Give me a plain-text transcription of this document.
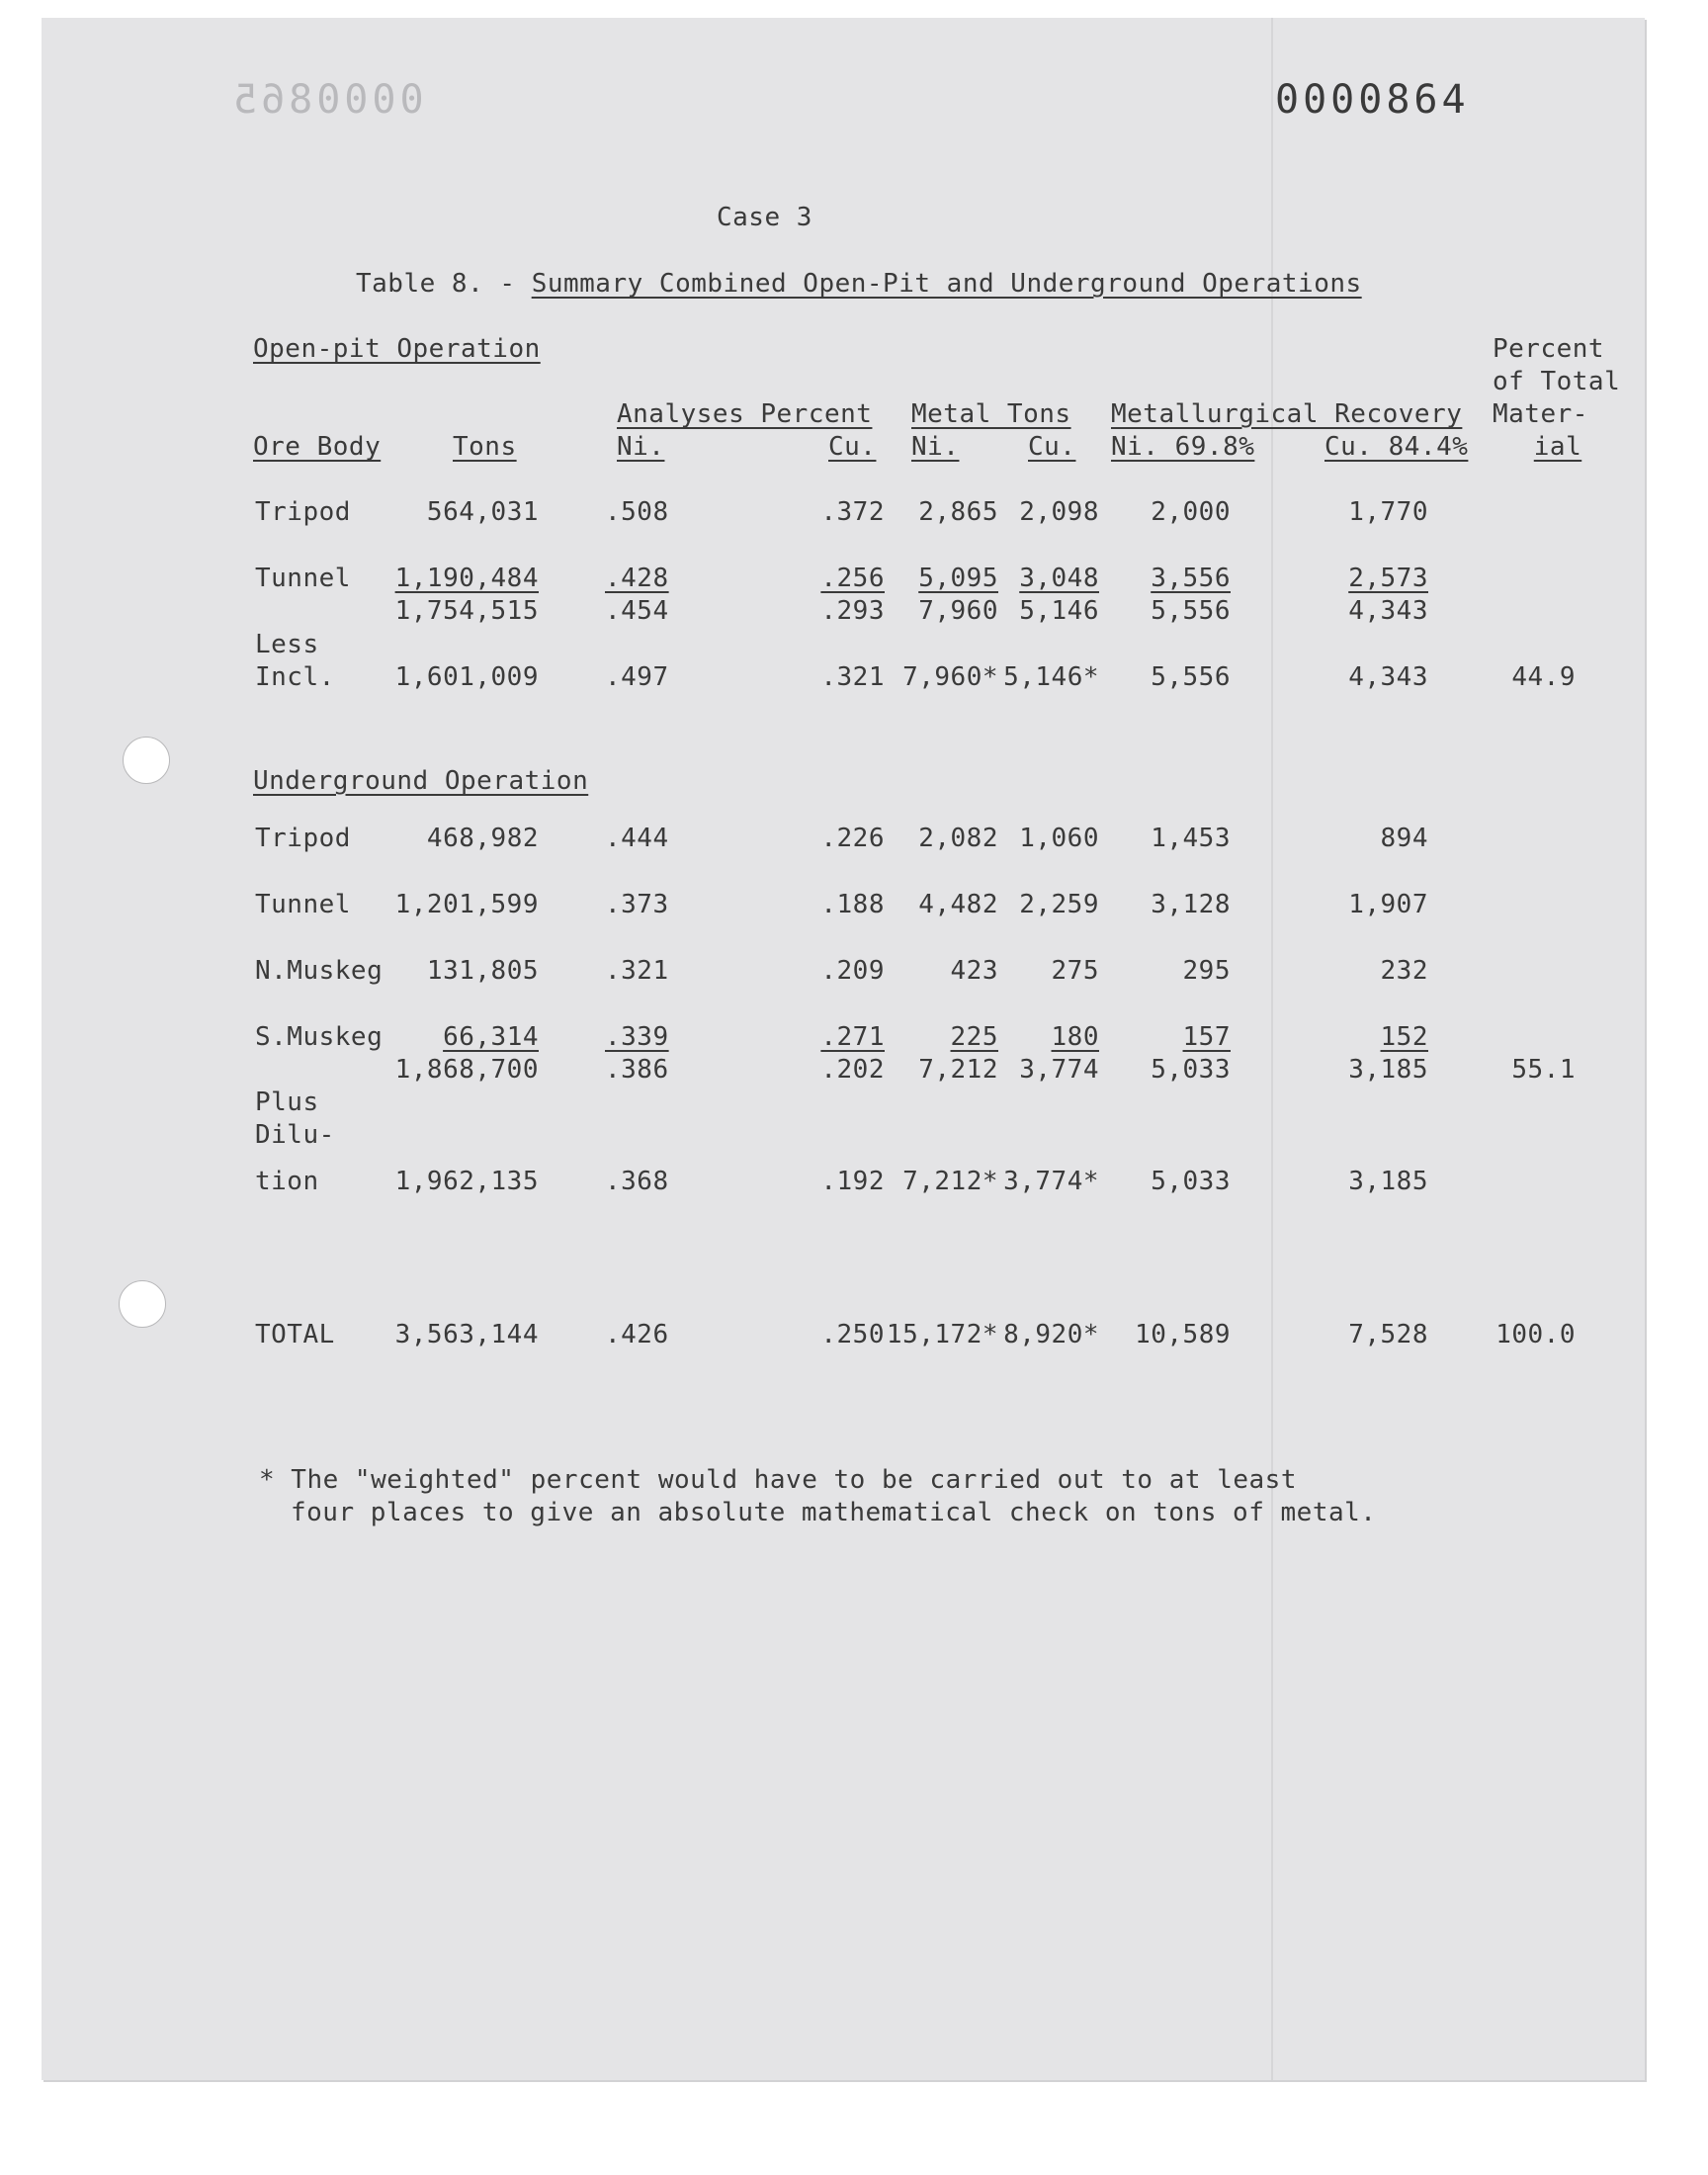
0000865	0000864
Case 3
Table 8. - Summary Combined Open-Pit and Underground Operations
Open-pit Operation	Percent
of Total
Mater-
ial
Analyses Percent Metal Tons Metallurgical Recovery
Ore Body	Tons	Ni.	Cu. Ni.	Cu. Ni. 69.8%	Cu. 84.4%
Underground Operation
Tripod	564,031	.508	.372	2,865 2,098	2,000	1,770
Tunnel	1,190,484	.428	.256	5,095 3,048	3,556	2,573
1,754,515	.454	.293	7,960 5,146	5,556	4,343
Less
Incl.	1,601,009	.497	.321 7,960* 5,146*	5,556	4,343	44.9
Tripod	468,982	.444	.226	2,082 1,060	1,453	894
Tunnel	1,201,599	.373	.188	4,482 2,259	3,128	1,907
N.Muskeg	131,805	.321	.209	423	275	295	232
S.Muskeg	66,314	.339	.271	225	180	157	152
1,868,700	.386	.202	7,212 3,774	5,033	3,185	55.1
Plus
Dilu-
tion	1,962,135	.368	.192 7,212* 3,774*	5,033	3,185
TOTAL	3,563,144	.426	.250 15,172* 8,920*	10,589	7,528	100.0
* The "weighted" percent would have to be carried out to at least
four places to give an absolute mathematical check on tons of metal.
